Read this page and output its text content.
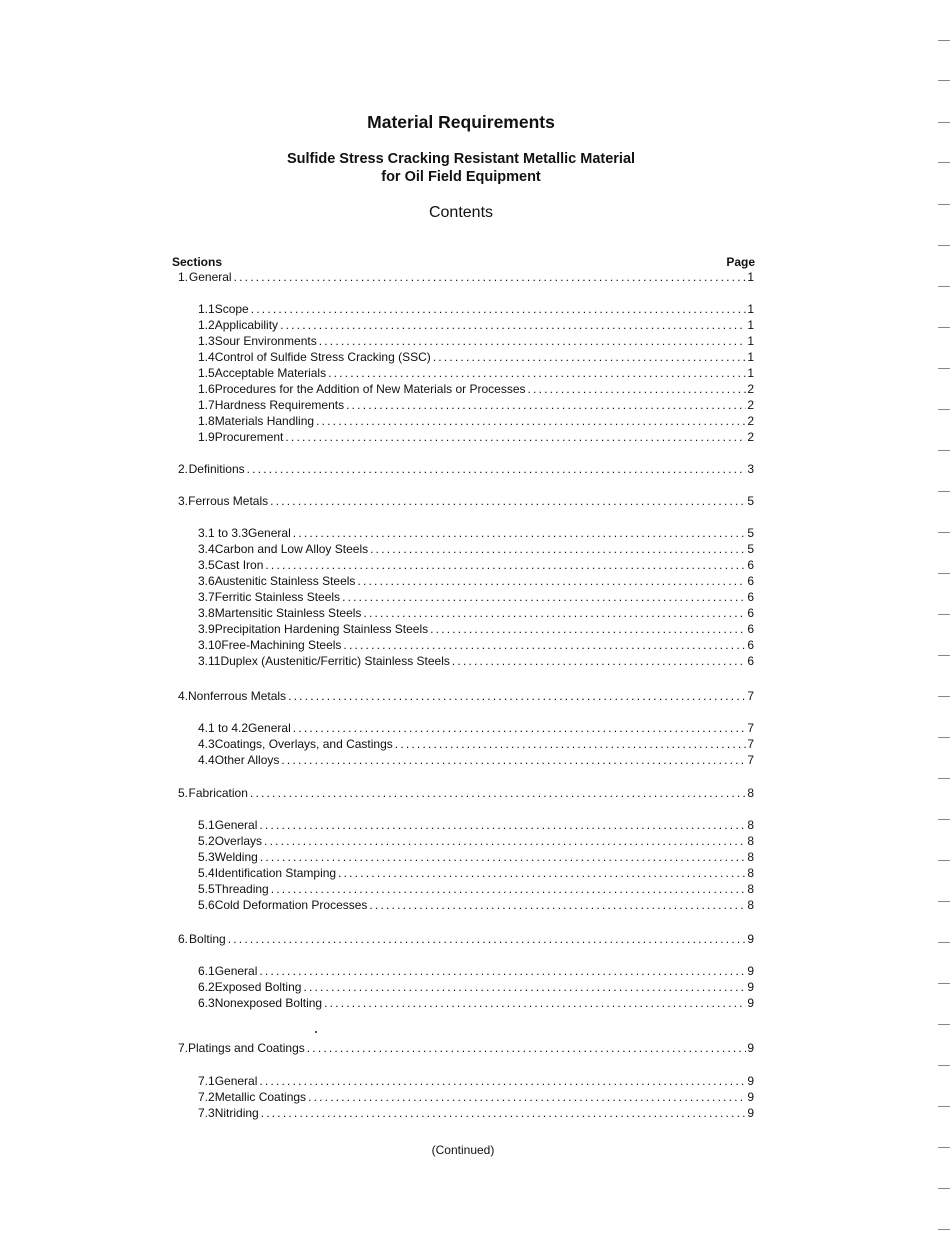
Material Requirements
Sulfide Stress Cracking Resistant Metallic Material
for Oil Field Equipment
Contents
Sections	Page
1. General .....	1
1.1 Scope .....	1
1.2 Applicability .....	1
1.3 Sour Environments .....	1
1.4 Control of Sulfide Stress Cracking (SSC) .....	1
1.5 Acceptable Materials .....	1
1.6 Procedures for the Addition of New Materials or Processes .....	2
1.7 Hardness Requirements .....	2
1.8 Materials Handling .....	2
1.9 Procurement .....	2
2. Definitions .....	3
3. Ferrous Metals .....	5
3.1 to 3.3 General .....	5
3.4 Carbon and Low Alloy Steels .....	5
3.5 Cast Iron .....	6
3.6 Austenitic Stainless Steels .....	6
3.7 Ferritic Stainless Steels .....	6
3.8 Martensitic Stainless Steels .....	6
3.9 Precipitation Hardening Stainless Steels .....	6
3.10 Free-Machining Steels .....	6
3.11 Duplex (Austenitic/Ferritic) Stainless Steels .....	6
4. Nonferrous Metals .....	7
4.1 to 4.2 General .....	7
4.3 Coatings, Overlays, and Castings .....	7
4.4 Other Alloys .....	7
5. Fabrication .....	8
5.1 General .....	8
5.2 Overlays .....	8
5.3 Welding .....	8
5.4 Identification Stamping .....	8
5.5 Threading .....	8
5.6 Cold Deformation Processes .....	8
6. Bolting .....	9
6.1 General .....	9
6.2 Exposed Bolting .....	9
6.3 Nonexposed Bolting .....	9
7. Platings and Coatings .....	9
7.1 General .....	9
7.2 Metallic Coatings .....	9
7.3 Nitriding .....	9
(Continued)
